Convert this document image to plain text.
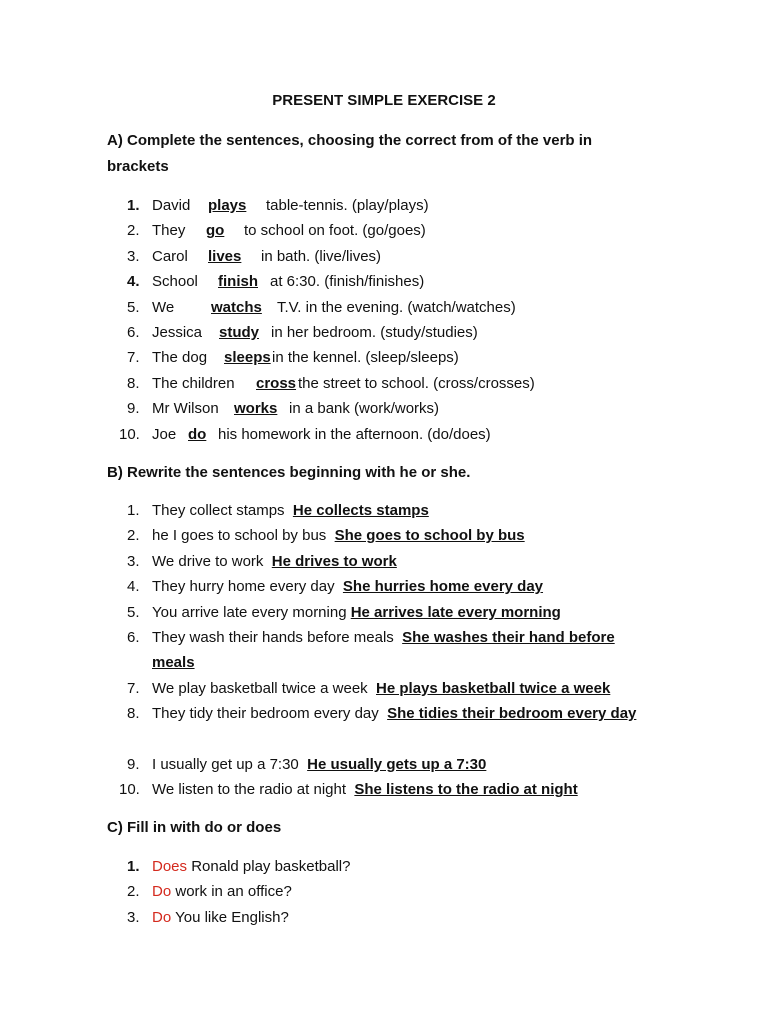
PRESENT SIMPLE EXERCISE 2
A) Complete the sentences, choosing the correct from of the verb in brackets
1. David plays table-tennis. (play/plays)
2. They go to school on foot. (go/goes)
3. Carol lives in bath. (live/lives)
4. School finish at 6:30. (finish/finishes)
5. We watchs T.V. in the evening. (watch/watches)
6. Jessica study in her bedroom. (study/studies)
7. The dog sleepsin the kennel. (sleep/sleeps)
8. The children cross the street to school. (cross/crosses)
9. Mr Wilson works in a bank (work/works)
10. Joe do his homework in the afternoon. (do/does)
B) Rewrite the sentences beginning with he or she.
1. They collect stamps He collects stamps
2. he I goes to school by bus She goes to school by bus
3. We drive to work He drives to work
4. They hurry home every day She hurries home every day
5. You arrive late every morning He arrives late every morning
6. They wash their hands before meals She washes their hand before meals
7. We play basketball twice a week He plays basketball twice a week
8. They tidy their bedroom every day She tidies their bedroom every day
9. I usually get up a 7:30 He usually gets up a 7:30
10. We listen to the radio at night She listens to the radio at night
C) Fill in with do or does
1. Does Ronald play basketball?
2. Do work in an office?
3. Do You like English?
